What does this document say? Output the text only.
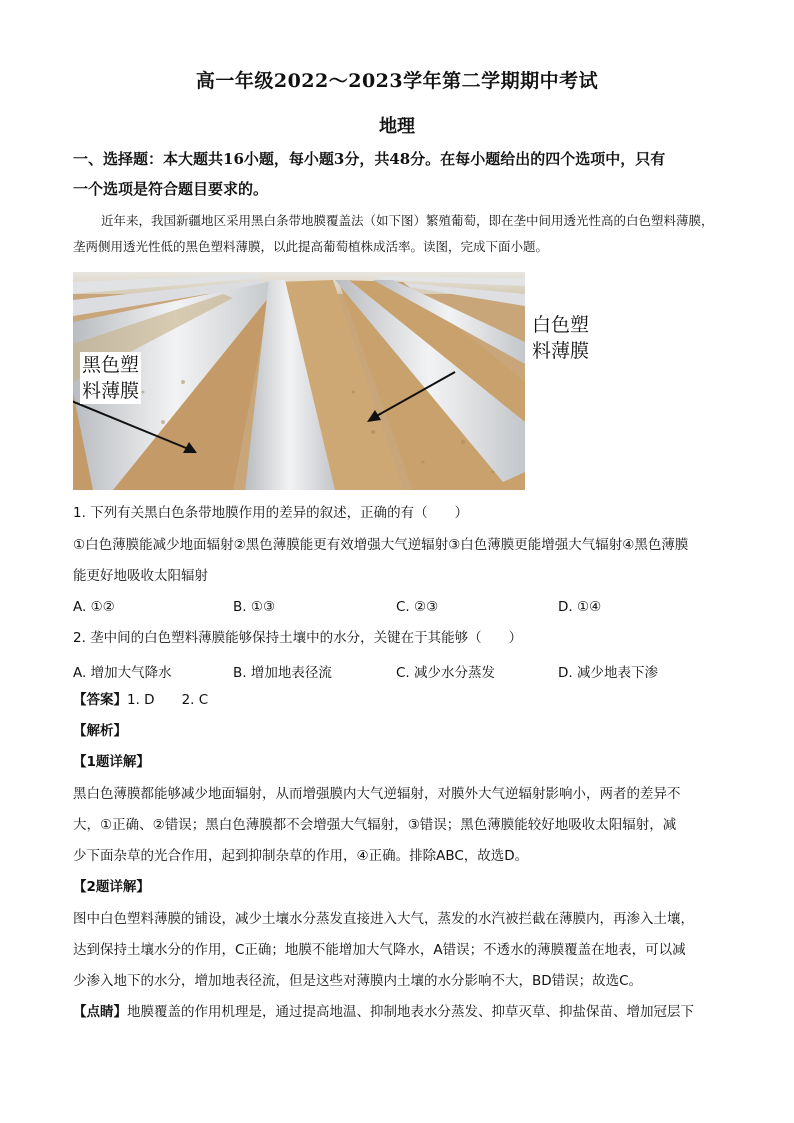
高一年级2022～2023学年第二学期期中考试
地理
一、选择题：本大题共16小题，每小题3分，共48分。在每小题给出的四个选项中，只有
一个选项是符合题目要求的。
近年来，我国新疆地区采用黑白条带地膜覆盖法（如下图）繁殖葡萄，即在垄中间用透光性高的白色塑料薄膜，垄两侧用透光性低的黑色塑料薄膜，以此提高葡萄植株成活率。读图，完成下面小题。
黑色塑
料薄膜
白色塑
料薄膜
1. 下列有关黑白色条带地膜作用的差异的叙述，正确的有（　　）
①白色薄膜能减少地面辐射②黑色薄膜能更有效增强大气逆辐射③白色薄膜更能增强大气辐射④黑色薄膜
能更好地吸收太阳辐射
A. ①②	B. ①③	C. ②③	D. ①④
2. 垄中间的白色塑料薄膜能够保持土壤中的水分，关键在于其能够（　　）
A. 增加大气降水	B. 增加地表径流	C. 减少水分蒸发	D. 减少地表下渗
【答案】1. D　　2. C
【解析】
【1题详解】
黑白色薄膜都能够减少地面辐射，从而增强膜内大气逆辐射，对膜外大气逆辐射影响小，两者的差异不
大，①正确、②错误；黑白色薄膜都不会增强大气辐射，③错误；黑色薄膜能较好地吸收太阳辐射，减
少下面杂草的光合作用，起到抑制杂草的作用，④正确。排除ABC，故选D。
【2题详解】
图中白色塑料薄膜的铺设，减少土壤水分蒸发直接进入大气，蒸发的水汽被拦截在薄膜内，再渗入土壤，
达到保持土壤水分的作用，C正确；地膜不能增加大气降水，A错误；不透水的薄膜覆盖在地表，可以减
少渗入地下的水分，增加地表径流，但是这些对薄膜内土壤的水分影响不大，BD错误；故选C。
【点睛】地膜覆盖的作用机理是，通过提高地温、抑制地表水分蒸发、抑草灭草、抑盐保苗、增加冠层下
